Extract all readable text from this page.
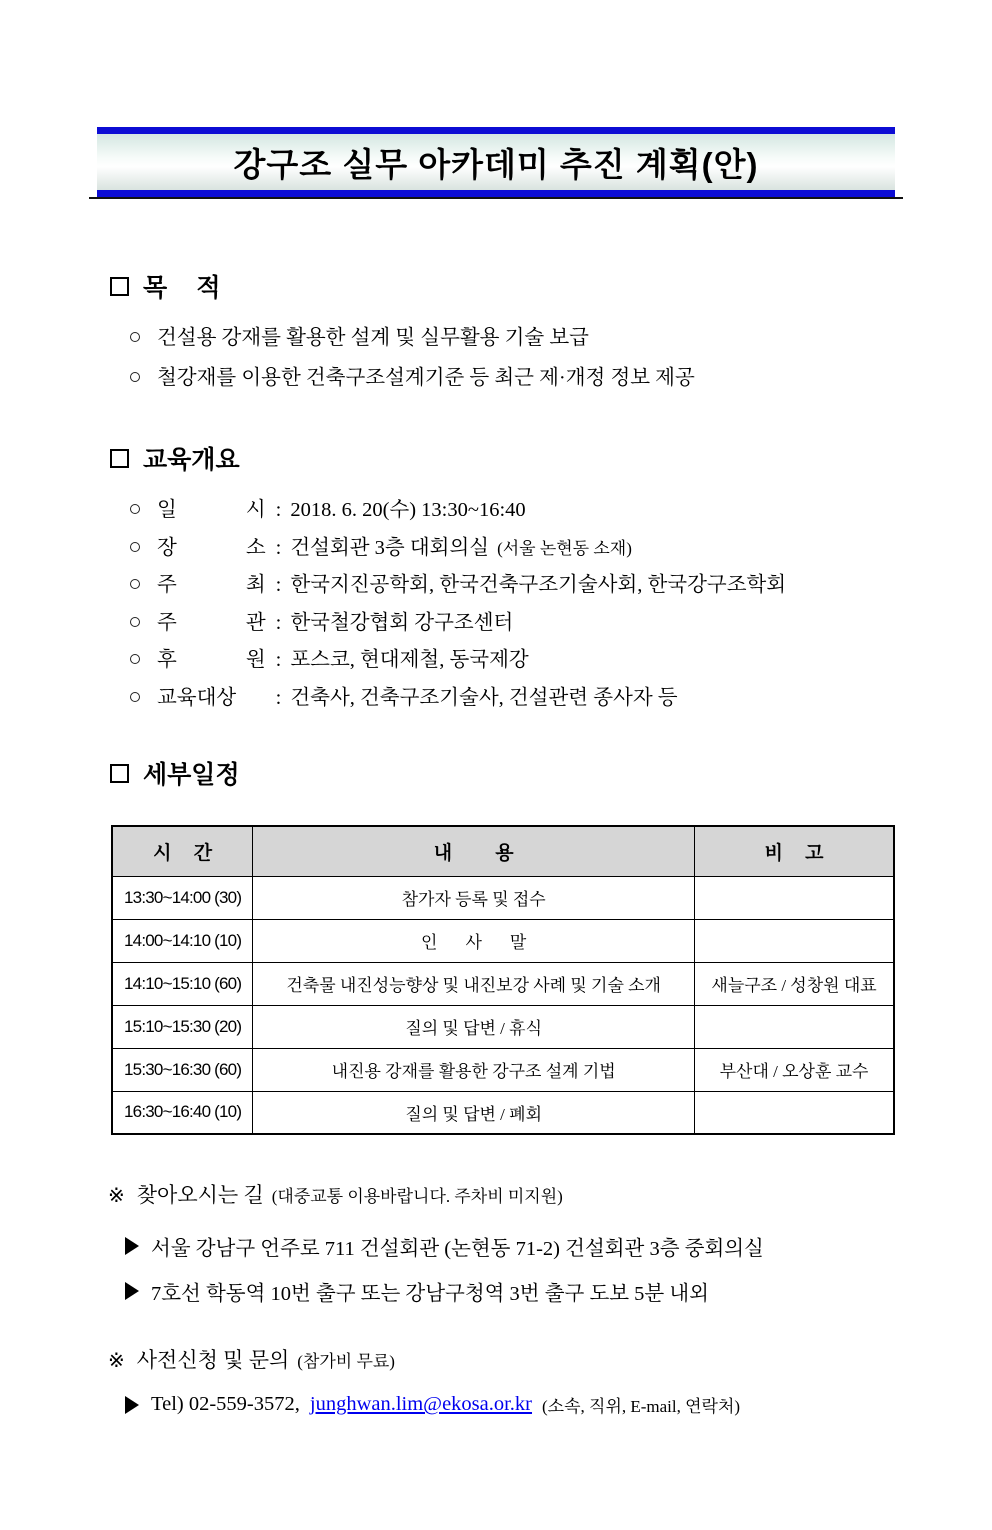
강구조 실무 아카데미 추진 계획(안)
목 적
건설용 강재를 활용한 설계 및 실무활용 기술 보급
철강재를 이용한 건축구조설계기준 등 최근 제·개정 정보 제공
교육개요
일 시 : 2018. 6. 20(수) 13:30~16:40
장 소 : 건설회관 3층 대회의실 (서울 논현동 소재)
주 최 : 한국지진공학회, 한국건축구조기술사회, 한국강구조학회
주 관 : 한국철강협회 강구조센터
후 원 : 포스코, 현대제철, 동국제강
교육대상	: 건축사, 건축구조기술사, 건설관련 종사자 등
세부일정
시 간	내 용	비 고
13:30~14:00 (30)	참가자 등록 및 접수	
14:00~14:10 (10)	인 사 말	
14:10~15:10 (60)	건축물 내진성능향상 및 내진보강 사례 및 기술 소개	새늘구조 / 성창원 대표
15:10~15:30 (20)	질의 및 답변 / 휴식	
15:30~16:30 (60)	내진용 강재를 활용한 강구조 설계 기법	부산대 / 오상훈 교수
16:30~16:40 (10)	질의 및 답변 / 폐회	
※ 찾아오시는 길 (대중교통 이용바랍니다. 주차비 미지원)
서울 강남구 언주로 711 건설회관 (논현동 71-2) 건설회관 3층 중회의실
7호선 학동역 10번 출구 또는 강남구청역 3번 출구 도보 5분 내외
※ 사전신청 및 문의 (참가비 무료)
Tel) 02-559-3572, junghwan.lim@ekosa.or.kr (소속, 직위, E-mail, 연락처)
